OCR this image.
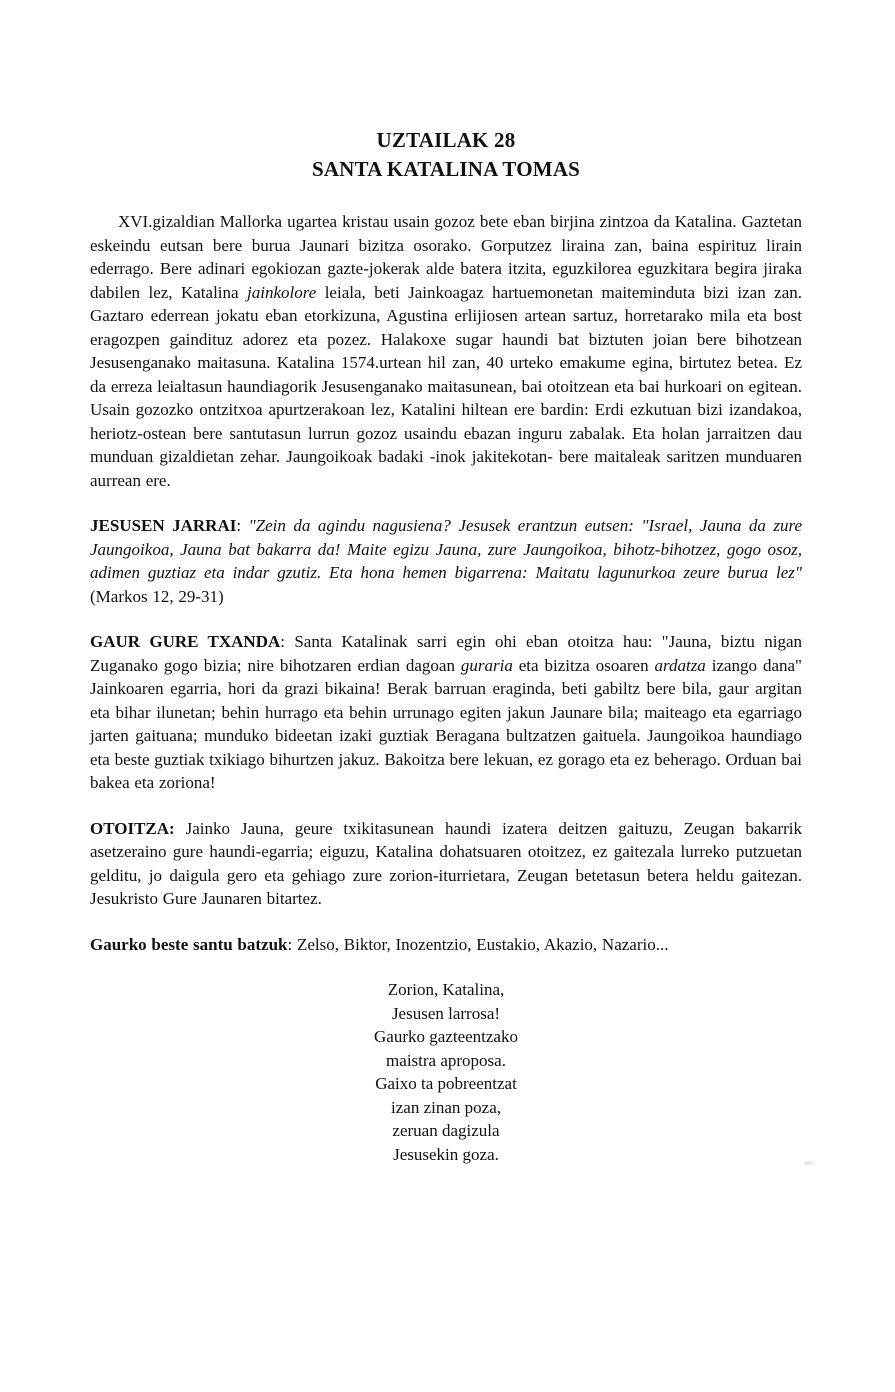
UZTAILAK 28
SANTA KATALINA TOMAS

XVI.gizaldian Mallorka ugartea kristau usain gozoz bete eban birjina zintzoa da Katalina. Gaztetan eskeindu eutsan bere burua Jaunari bizitza osorako. Gorputzez liraina zan, baina espirituz lirain ederrago. Bere adinari egokiozan gazte-jokerak alde batera itzita, eguzkilorea eguzkitara begira jiraka dabilen lez, Katalina jainkolore leiala, beti Jainkoagaz hartuemonetan maiteminduta bizi izan zan. Gaztaro ederrean jokatu eban etorkizuna, Agustina erlijiosen artean sartuz, horretarako mila eta bost eragozpen gaindituz adorez eta pozez. Halakoxe sugar haundi bat biztuten joian bere bihotzean Jesusenganako maitasuna. Katalina 1574.urtean hil zan, 40 urteko emakume egina, birtutez betea. Ez da erreza leialtasun haundiagorik Jesusenganako maitasunean, bai otoitzean eta bai hurkoari on egitean. Usain gozozko ontzitxoa apurtzerakoan lez, Katalini hiltean ere bardin: Erdi ezkutuan bizi izandakoa, heriotz-ostean bere santutasun lurrun gozoz usaindu ebazan inguru zabalak. Eta holan jarraitzen dau munduan gizaldietan zehar. Jaungoikoak badaki -inok jakitekotan- bere maitaleak saritzen munduaren aurrean ere.

JESUSEN JARRAI: "Zein da agindu nagusiena? Jesusek erantzun eutsen: "Israel, Jauna da zure Jaungoikoa, Jauna bat bakarra da! Maite egizu Jauna, zure Jaungoikoa, bihotz-bihotzez, gogo osoz, adimen guztiaz eta indar gzutiz. Eta hona hemen bigarrena: Maitatu lagunurkoa zeure burua lez" (Markos 12, 29-31)

GAUR GURE TXANDA: Santa Katalinak sarri egin ohi eban otoitza hau: "Jauna, biztu nigan Zuganako gogo bizia; nire bihotzaren erdian dagoan guraria eta bizitza osoaren ardatza izango dana" Jainkoaren egarria, hori da grazi bikaina! Berak barruan eraginda, beti gabiltz bere bila, gaur argitan eta bihar ilunetan; behin hurrago eta behin urrunago egiten jakun Jaunare bila; maiteago eta egarriago jarten gaituana; munduko bideetan izaki guztiak Beragana bultzatzen gaituela. Jaungoikoa haundiago eta beste guztiak txikiago bihurtzen jakuz. Bakoitza bere lekuan, ez gorago eta ez beherago. Orduan bai bakea eta zoriona!

OTOITZA: Jainko Jauna, geure txikitasunean haundi izatera deitzen gaituzu, Zeugan bakarrik asetzeraino gure haundi-egarria; eiguzu, Katalina dohatsuaren otoitzez, ez gaitezala lurreko putzuetan gelditu, jo daigula gero eta gehiago zure zorion-iturrietara, Zeugan betetasun betera heldu gaitezan. Jesukristo Gure Jaunaren bitartez.

Gaurko beste santu batzuk: Zelso, Biktor, Inozentzio, Eustakio, Akazio, Nazario...

Zorion, Katalina,
Jesusen larrosa!
Gaurko gazteentzako
maistra aproposa.
Gaixo ta pobreentzat
izan zinan poza,
zeruan dagizula
Jesusekin goza.
